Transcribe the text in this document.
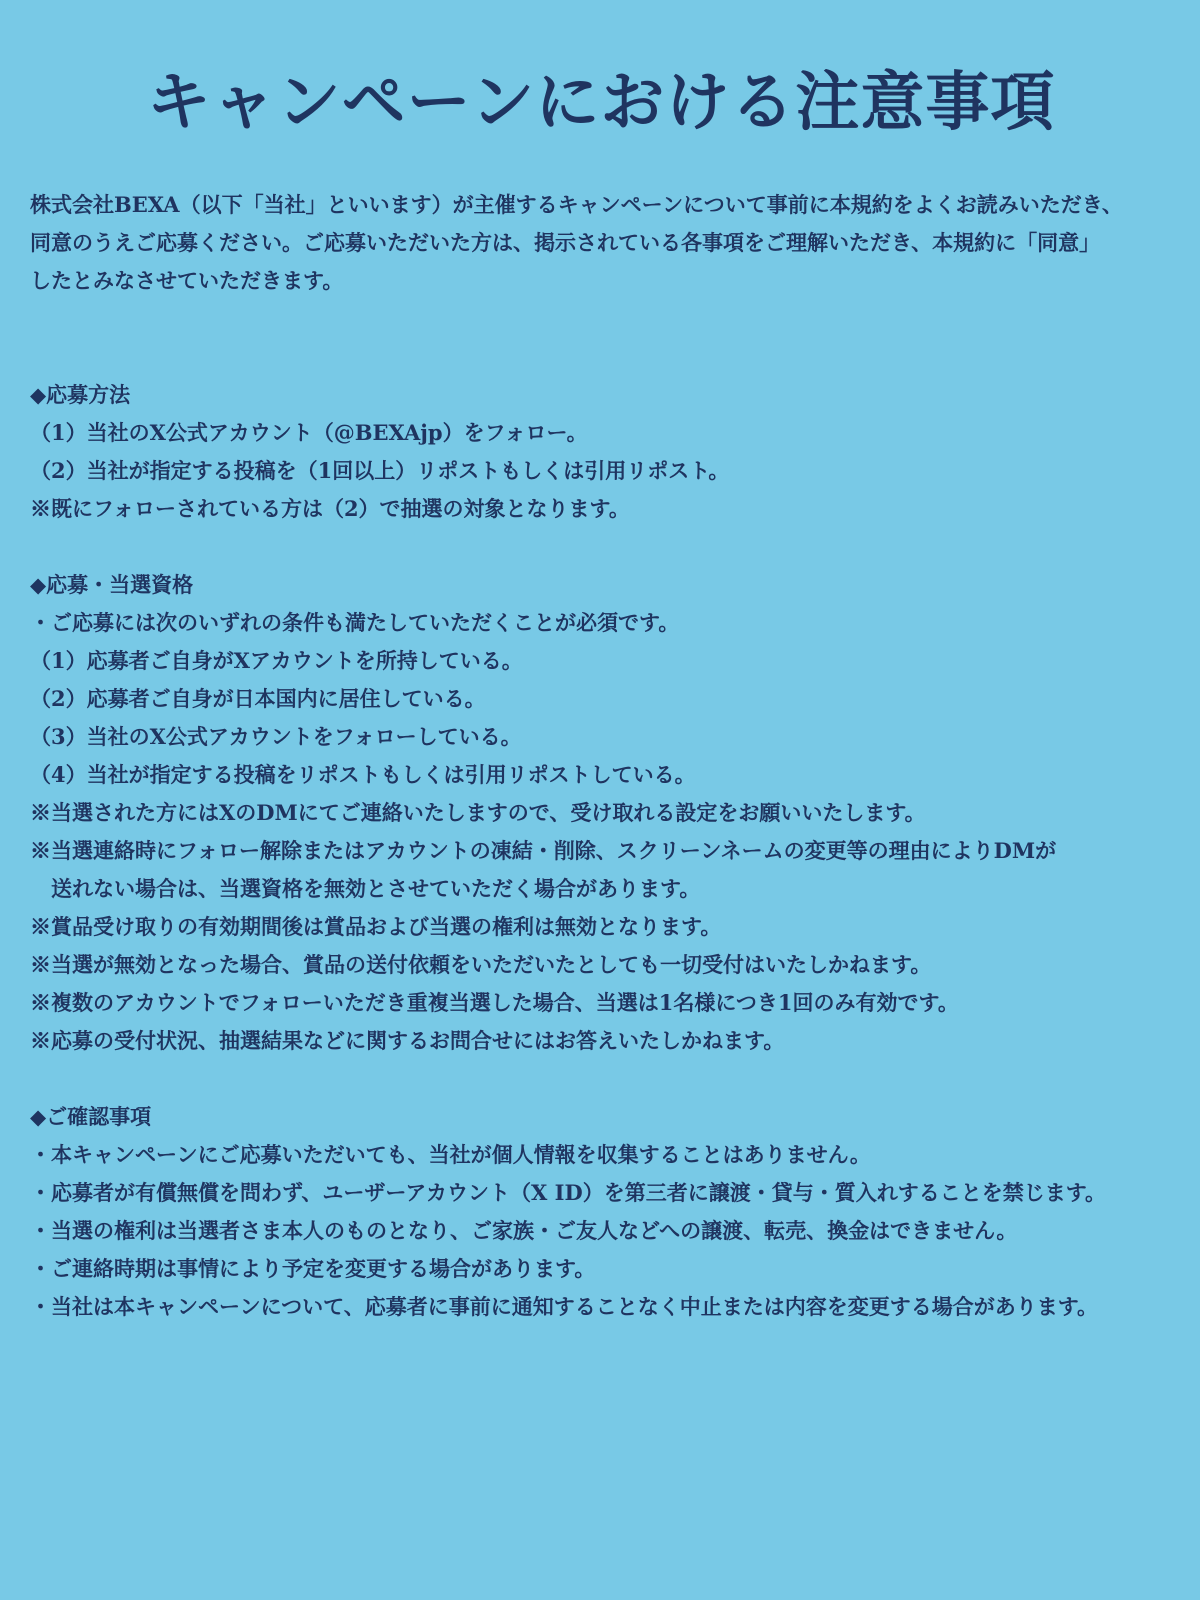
キャンペーンにおける注意事項

株式会社BEXA（以下「当社」といいます）が主催するキャンペーンについて事前に本規約をよくお読みいただき、

同意のうえご応募ください。ご応募いただいた方は、掲示されている各事項をご理解いただき、本規約に「同意」

したとみなさせていただきます。

◆応募方法

（1）当社のX公式アカウント（@BEXAjp）をフォロー。

（2）当社が指定する投稿を（1回以上）リポストもしくは引用リポスト。

※既にフォローされている方は（2）で抽選の対象となります。

◆応募・当選資格

・ご応募には次のいずれの条件も満たしていただくことが必須です。

（1）応募者ご自身がXアカウントを所持している。

（2）応募者ご自身が日本国内に居住している。

（3）当社のX公式アカウントをフォローしている。

（4）当社が指定する投稿をリポストもしくは引用リポストしている。

※当選された方にはXのDMにてご連絡いたしますので、受け取れる設定をお願いいたします。

※当選連絡時にフォロー解除またはアカウントの凍結・削除、スクリーンネームの変更等の理由によりDMが

送れない場合は、当選資格を無効とさせていただく場合があります。

※賞品受け取りの有効期間後は賞品および当選の権利は無効となります。

※当選が無効となった場合、賞品の送付依頼をいただいたとしても一切受付はいたしかねます。

※複数のアカウントでフォローいただき重複当選した場合、当選は1名様につき1回のみ有効です。

※応募の受付状況、抽選結果などに関するお問合せにはお答えいたしかねます。

◆ご確認事項

・本キャンペーンにご応募いただいても、当社が個人情報を収集することはありません。

・応募者が有償無償を問わず、ユーザーアカウント（X ID）を第三者に譲渡・貸与・質入れすることを禁じます。

・当選の権利は当選者さま本人のものとなり、ご家族・ご友人などへの譲渡、転売、換金はできません。

・ご連絡時期は事情により予定を変更する場合があります。

・当社は本キャンペーンについて、応募者に事前に通知することなく中止または内容を変更する場合があります。
